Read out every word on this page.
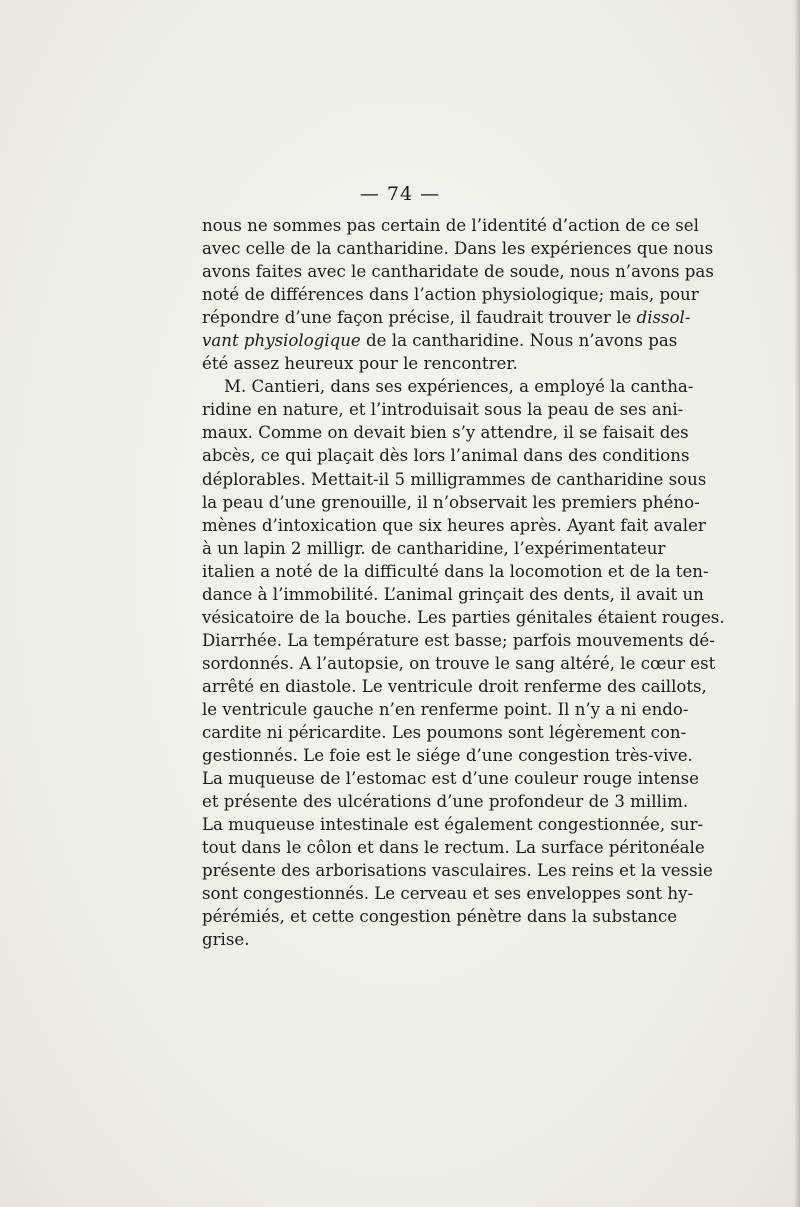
— 74 —
nous ne sommes pas certain de l’identité d’action de ce sel
avec celle de la cantharidine. Dans les expériences que nous
avons faites avec le cantharidate de soude, nous n’avons pas
noté de différences dans l’action physiologique; mais, pour
répondre d’une façon précise, il faudrait trouver le dissol-
vant physiologique de la cantharidine. Nous n’avons pas
été assez heureux pour le rencontrer.
M. Cantieri, dans ses expériences, a employé la cantha-
ridine en nature, et l’introduisait sous la peau de ses ani-
maux. Comme on devait bien s’y attendre, il se faisait des
abcès, ce qui plaçait dès lors l’animal dans des conditions
déplorables. Mettait-il 5 milligrammes de cantharidine sous
la peau d’une grenouille, il n’observait les premiers phéno-
mènes d’intoxication que six heures après. Ayant fait avaler
à un lapin 2 milligr. de cantharidine, l’expérimentateur
italien a noté de la difficulté dans la locomotion et de la ten-
dance à l’immobilité. L’animal grinçait des dents, il avait un
vésicatoire de la bouche. Les parties génitales étaient rouges.
Diarrhée. La température est basse; parfois mouvements dé-
sordonnés. A l’autopsie, on trouve le sang altéré, le cœur est
arrêté en diastole. Le ventricule droit renferme des caillots,
le ventricule gauche n’en renferme point. Il n’y a ni endo-
cardite ni péricardite. Les poumons sont légèrement con-
gestionnés. Le foie est le siége d’une congestion très-vive.
La muqueuse de l’estomac est d’une couleur rouge intense
et présente des ulcérations d’une profondeur de 3 millim.
La muqueuse intestinale est également congestionnée, sur-
tout dans le côlon et dans le rectum. La surface péritonéale
présente des arborisations vasculaires. Les reins et la vessie
sont congestionnés. Le cerveau et ses enveloppes sont hy-
pérémiés, et cette congestion pénètre dans la substance
grise.
